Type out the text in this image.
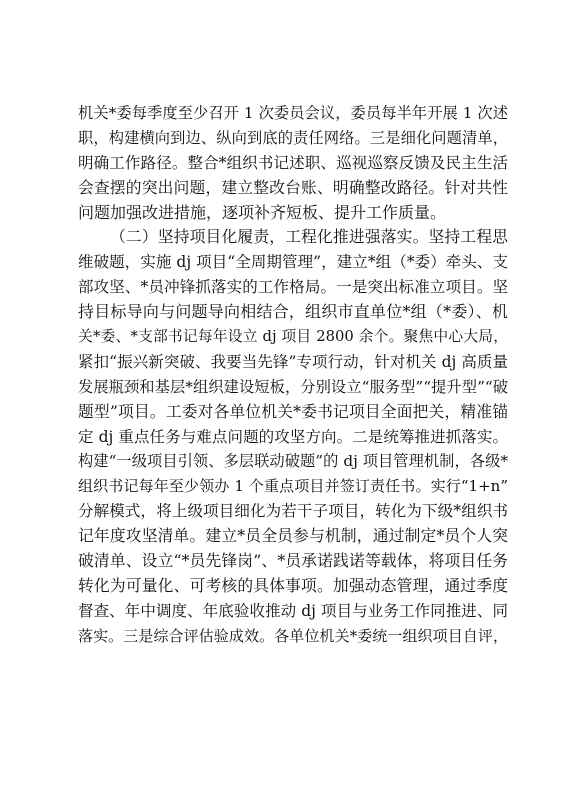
机关*委每季度至少召开 1 次委员会议，委员每半年开展 1 次述
职，构建横向到边、纵向到底的责任网络。三是细化问题清单，
明确工作路径。整合*组织书记述职、巡视巡察反馈及民主生活
会查摆的突出问题，建立整改台账、明确整改路径。针对共性
问题加强改进措施，逐项补齐短板、提升工作质量。
（二）坚持项目化履责，工程化推进强落实。坚持工程思
维破题，实施 dj 项目“全周期管理”，建立*组（*委）牵头、支
部攻坚、*员冲锋抓落实的工作格局。一是突出标准立项目。坚
持目标导向与问题导向相结合，组织市直单位*组（*委）、机
关*委、*支部书记每年设立 dj 项目 2800 余个。聚焦中心大局，
紧扣“振兴新突破、我要当先锋”专项行动，针对机关 dj 高质量
发展瓶颈和基层*组织建设短板，分别设立“服务型”“提升型”“破
题型”项目。工委对各单位机关*委书记项目全面把关，精准锚
定 dj 重点任务与难点问题的攻坚方向。二是统筹推进抓落实。
构建“一级项目引领、多层联动破题”的 dj 项目管理机制，各级*
组织书记每年至少领办 1 个重点项目并签订责任书。实行“1+n”
分解模式，将上级项目细化为若干子项目，转化为下级*组织书
记年度攻坚清单。建立*员全员参与机制，通过制定*员个人突
破清单、设立“*员先锋岗”、*员承诺践诺等载体，将项目任务
转化为可量化、可考核的具体事项。加强动态管理，通过季度
督查、年中调度、年底验收推动 dj 项目与业务工作同推进、同
落实。三是综合评估验成效。各单位机关*委统一组织项目自评，
